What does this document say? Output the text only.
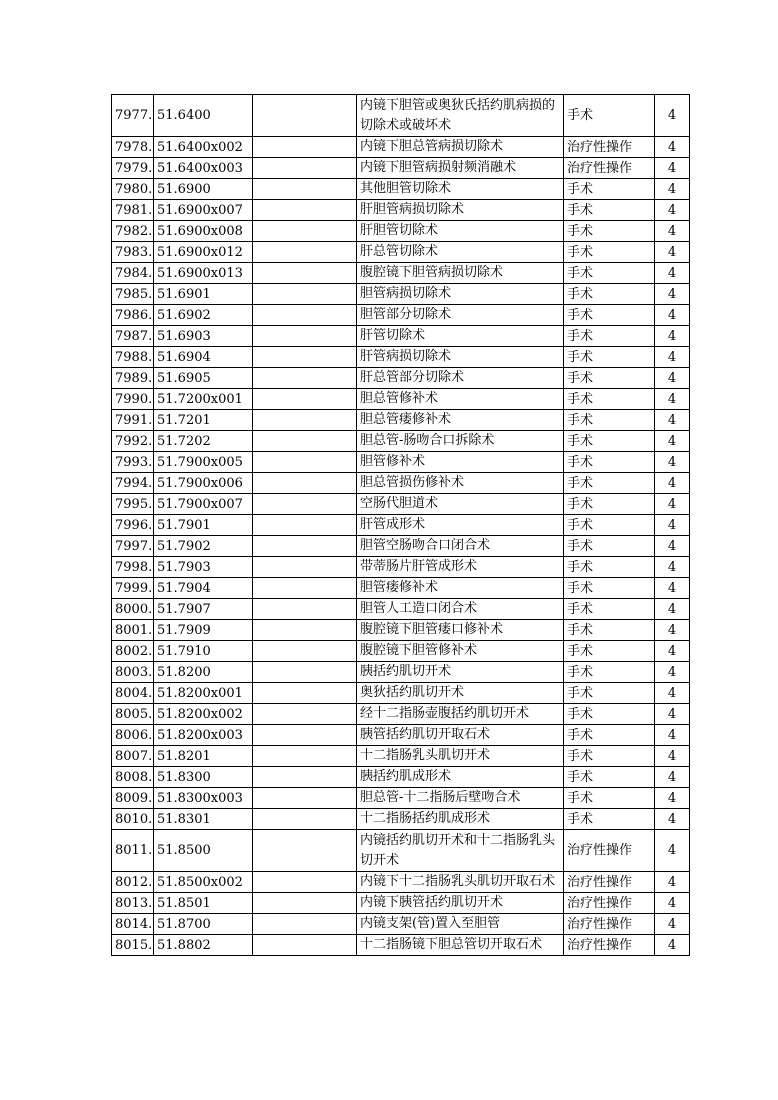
7977.	51.6400		内镜下胆管或奥狄氏括约肌病损的切除术或破坏术	手术	4
7978.	51.6400x002		内镜下胆总管病损切除术	治疗性操作	4
7979.	51.6400x003		内镜下胆管病损射频消融术	治疗性操作	4
7980.	51.6900		其他胆管切除术	手术	4
7981.	51.6900x007		肝胆管病损切除术	手术	4
7982.	51.6900x008		肝胆管切除术	手术	4
7983.	51.6900x012		肝总管切除术	手术	4
7984.	51.6900x013		腹腔镜下胆管病损切除术	手术	4
7985.	51.6901		胆管病损切除术	手术	4
7986.	51.6902		胆管部分切除术	手术	4
7987.	51.6903		肝管切除术	手术	4
7988.	51.6904		肝管病损切除术	手术	4
7989.	51.6905		肝总管部分切除术	手术	4
7990.	51.7200x001		胆总管修补术	手术	4
7991.	51.7201		胆总管瘘修补术	手术	4
7992.	51.7202		胆总管-肠吻合口拆除术	手术	4
7993.	51.7900x005		胆管修补术	手术	4
7994.	51.7900x006		胆总管损伤修补术	手术	4
7995.	51.7900x007		空肠代胆道术	手术	4
7996.	51.7901		肝管成形术	手术	4
7997.	51.7902		胆管空肠吻合口闭合术	手术	4
7998.	51.7903		带蒂肠片肝管成形术	手术	4
7999.	51.7904		胆管瘘修补术	手术	4
8000.	51.7907		胆管人工造口闭合术	手术	4
8001.	51.7909		腹腔镜下胆管瘘口修补术	手术	4
8002.	51.7910		腹腔镜下胆管修补术	手术	4
8003.	51.8200		胰括约肌切开术	手术	4
8004.	51.8200x001		奥狄括约肌切开术	手术	4
8005.	51.8200x002		经十二指肠壶腹括约肌切开术	手术	4
8006.	51.8200x003		胰管括约肌切开取石术	手术	4
8007.	51.8201		十二指肠乳头肌切开术	手术	4
8008.	51.8300		胰括约肌成形术	手术	4
8009.	51.8300x003		胆总管-十二指肠后壁吻合术	手术	4
8010.	51.8301		十二指肠括约肌成形术	手术	4
8011.	51.8500		内镜括约肌切开术和十二指肠乳头切开术	治疗性操作	4
8012.	51.8500x002		内镜下十二指肠乳头肌切开取石术	治疗性操作	4
8013.	51.8501		内镜下胰管括约肌切开术	治疗性操作	4
8014.	51.8700		内镜支架(管)置入至胆管	治疗性操作	4
8015.	51.8802		十二指肠镜下胆总管切开取石术	治疗性操作	4
